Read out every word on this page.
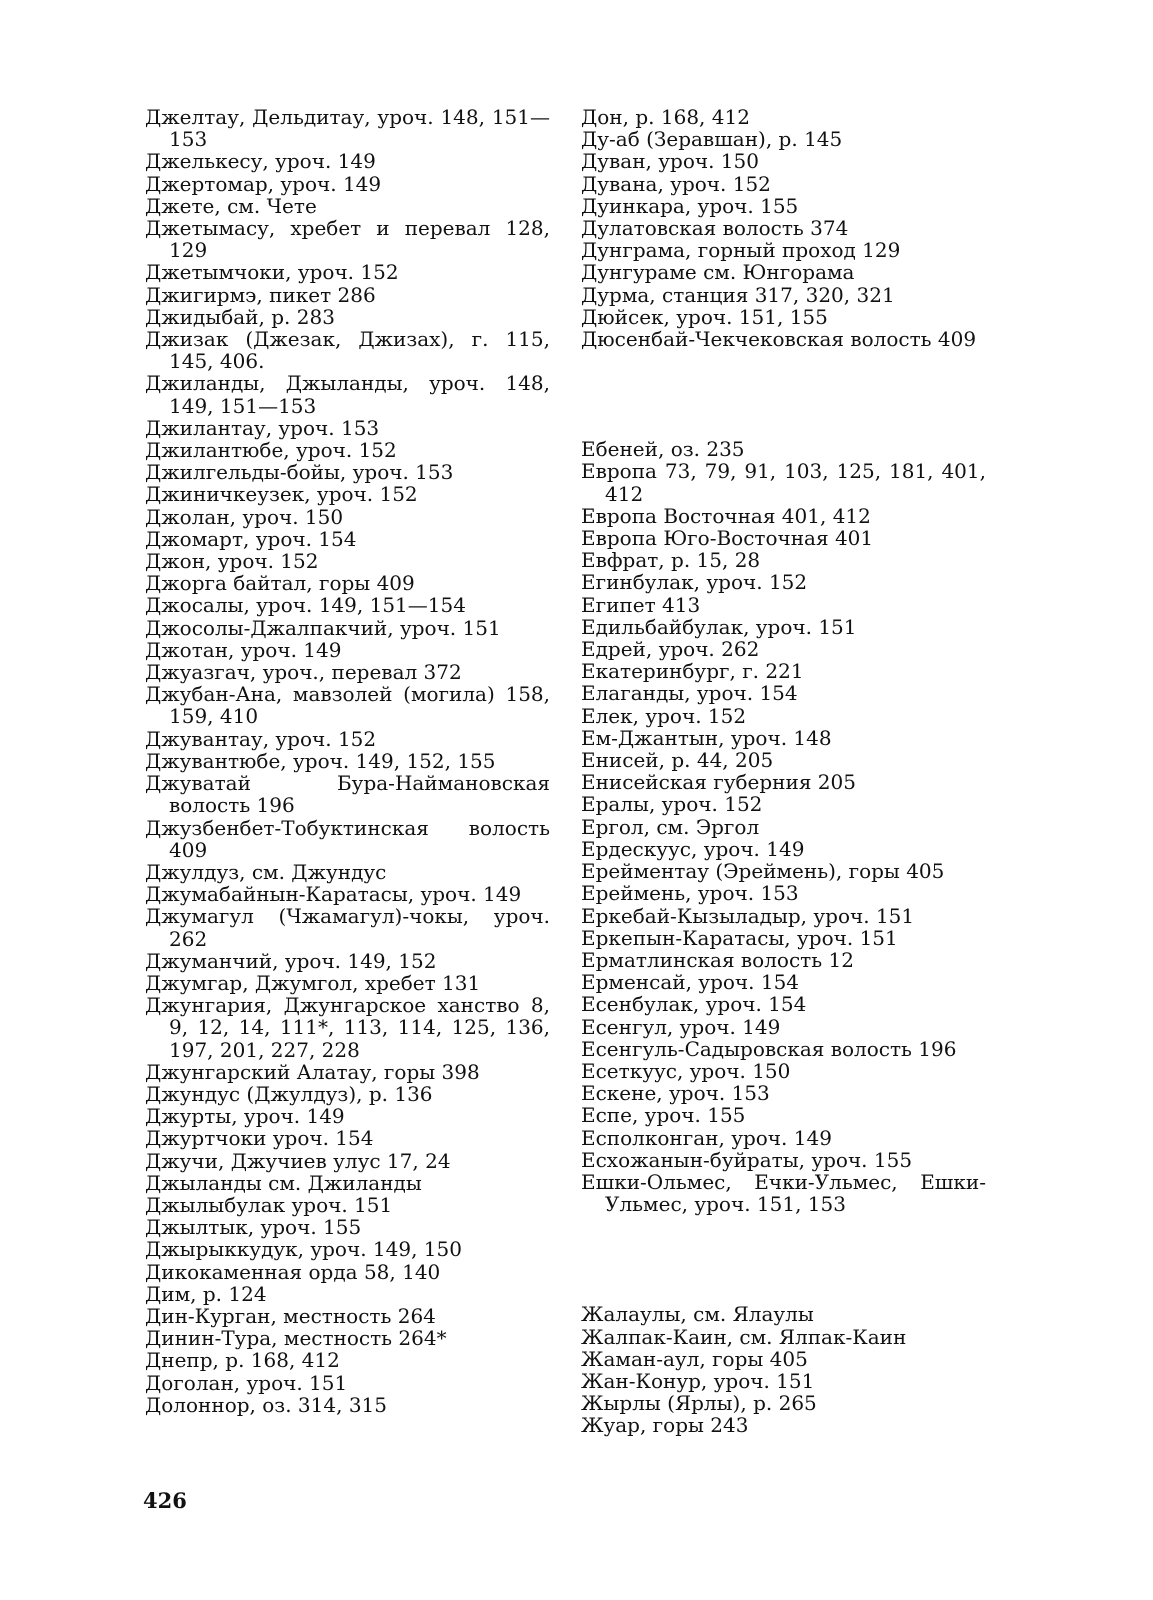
Джелтау, Дельдитау, уроч. 148, 151—153
Джелькесу, уроч. 149
Джертомар, уроч. 149
Джете, см. Чете
Джетымасу, хребет и перевал 128, 129
Джетымчоки, уроч. 152
Джигирмэ, пикет 286
Джидыбай, р. 283
Джизак (Джезак, Джизах), г. 115, 145, 406.
Джиланды, Джыланды, уроч. 148, 149, 151—153
Джилантау, уроч. 153
Джилантюбе, уроч. 152
Джилгельды-бойы, уроч. 153
Джиничкеузек, уроч. 152
Джолан, уроч. 150
Джомарт, уроч. 154
Джон, уроч. 152
Джорга байтал, горы 409
Джосалы, уроч. 149, 151—154
Джосолы-Джалпакчий, уроч. 151
Джотан, уроч. 149
Джуазгач, уроч., перевал 372
Джубан-Ана, мавзолей (могила) 158, 159, 410
Джувантау, уроч. 152
Джувантюбе, уроч. 149, 152, 155
Джуватай Бура-Наймановская волость 196
Джузбенбет-Тобуктинская волость 409
Джулдуз, см. Джундус
Джумабайнын-Каратасы, уроч. 149
Джумагул (Чжамагул)-чокы, уроч. 262
Джуманчий, уроч. 149, 152
Джумгар, Джумгол, хребет 131
Джунгария, Джунгарское ханство 8, 9, 12, 14, 111*, 113, 114, 125, 136, 197, 201, 227, 228
Джунгарский Алатау, горы 398
Джундус (Джулдуз), р. 136
Джурты, уроч. 149
Джуртчоки уроч. 154
Джучи, Джучиев улус 17, 24
Джыланды см. Джиланды
Джылыбулак уроч. 151
Джылтык, уроч. 155
Джырыккудук, уроч. 149, 150
Дикокаменная орда 58, 140
Дим, р. 124
Дин-Курган, местность 264
Динин-Тура, местность 264*
Днепр, р. 168, 412
Доголан, уроч. 151
Долоннор, оз. 314, 315
Дон, р. 168, 412
Ду-аб (Зеравшан), р. 145
Дуван, уроч. 150
Дувана, уроч. 152
Дуинкара, уроч. 155
Дулатовская волость 374
Дунграма, горный проход 129
Дунгураме см. Юнгорама
Дурма, станция 317, 320, 321
Дюйсек, уроч. 151, 155
Дюсенбай-Чекчековская волость 409
Ебеней, оз. 235
Европа 73, 79, 91, 103, 125, 181, 401, 412
Европа Восточная 401, 412
Европа Юго-Восточная 401
Евфрат, р. 15, 28
Егинбулак, уроч. 152
Египет 413
Едильбайбулак, уроч. 151
Едрей, уроч. 262
Екатеринбург, г. 221
Елаганды, уроч. 154
Елек, уроч. 152
Ем-Джантын, уроч. 148
Енисей, р. 44, 205
Енисейская губерния 205
Ералы, уроч. 152
Ергол, см. Эргол
Ердескуус, уроч. 149
Ерейментау (Эреймень), горы 405
Ереймень, уроч. 153
Еркебай-Кызыладыр, уроч. 151
Еркепын-Каратасы, уроч. 151
Ерматлинская волость 12
Ерменсай, уроч. 154
Есенбулак, уроч. 154
Есенгул, уроч. 149
Есенгуль-Садыровская волость 196
Есеткуус, уроч. 150
Ескене, уроч. 153
Еспе, уроч. 155
Есполконган, уроч. 149
Есхожанын-буйраты, уроч. 155
Ешки-Ольмес, Ечки-Ульмес, Ешки-Ульмес, уроч. 151, 153
Жалаулы, см. Ялаулы
Жалпак-Каин, см. Ялпак-Каин
Жаман-аул, горы 405
Жан-Конур, уроч. 151
Жырлы (Ярлы), р. 265
Жуар, горы 243
426
